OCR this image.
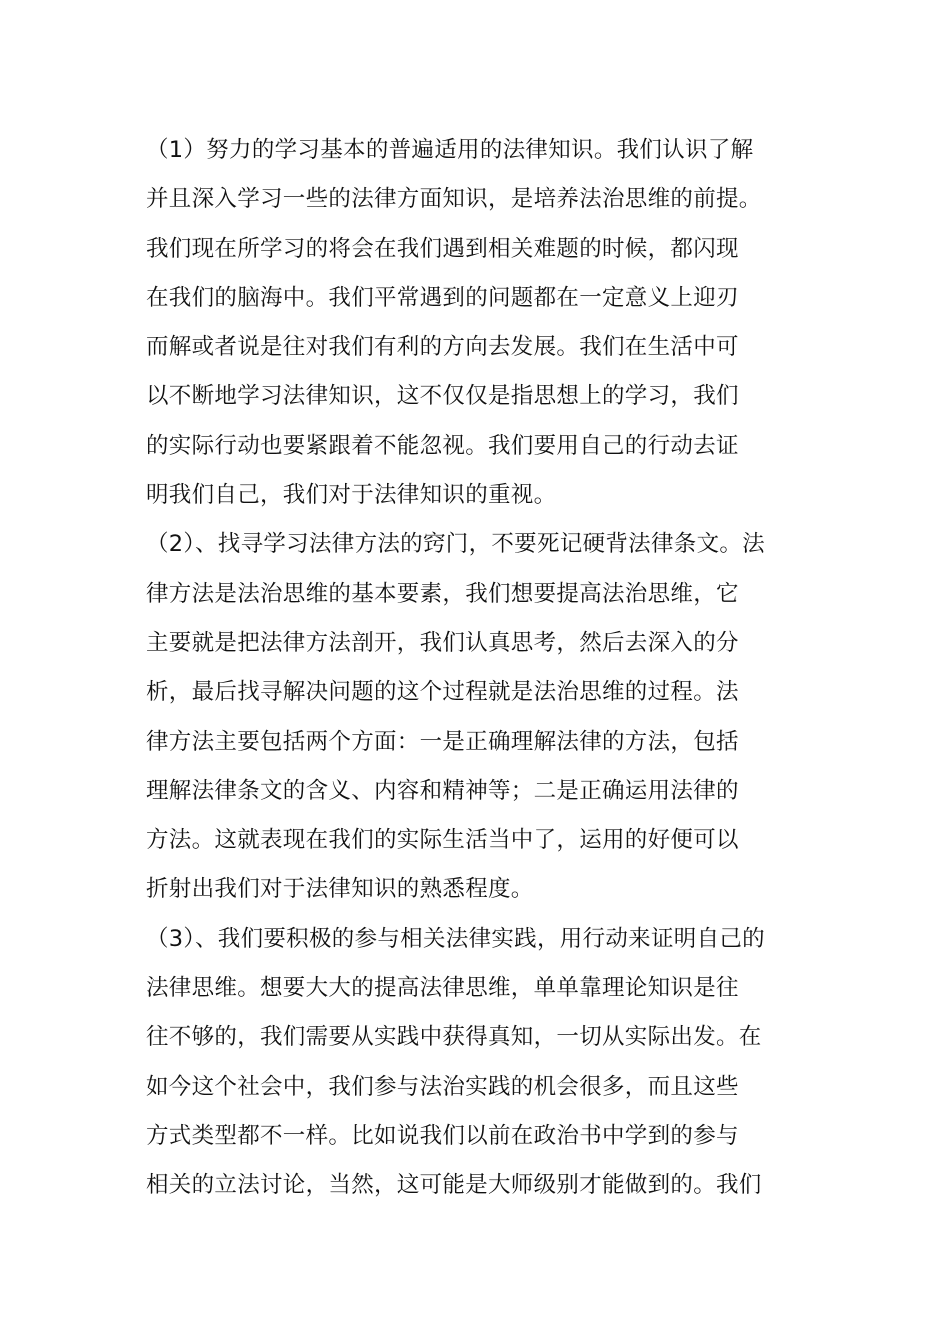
（1）努力的学习基本的普遍适用的法律知识。我们认识了解
并且深入学习一些的法律方面知识，是培养法治思维的前提。
我们现在所学习的将会在我们遇到相关难题的时候，都闪现
在我们的脑海中。我们平常遇到的问题都在一定意义上迎刃
而解或者说是往对我们有利的方向去发展。我们在生活中可
以不断地学习法律知识，这不仅仅是指思想上的学习，我们
的实际行动也要紧跟着不能忽视。我们要用自己的行动去证
明我们自己，我们对于法律知识的重视。
（2）、找寻学习法律方法的窍门，不要死记硬背法律条文。法
律方法是法治思维的基本要素，我们想要提高法治思维，它
主要就是把法律方法剖开，我们认真思考，然后去深入的分
析，最后找寻解决问题的这个过程就是法治思维的过程。法
律方法主要包括两个方面：一是正确理解法律的方法，包括
理解法律条文的含义、内容和精神等；二是正确运用法律的
方法。这就表现在我们的实际生活当中了，运用的好便可以
折射出我们对于法律知识的熟悉程度。
（3）、我们要积极的参与相关法律实践，用行动来证明自己的
法律思维。想要大大的提高法律思维，单单靠理论知识是往
往不够的，我们需要从实践中获得真知，一切从实际出发。在
如今这个社会中，我们参与法治实践的机会很多，而且这些
方式类型都不一样。比如说我们以前在政治书中学到的参与
相关的立法讨论，当然，这可能是大师级别才能做到的。我们
